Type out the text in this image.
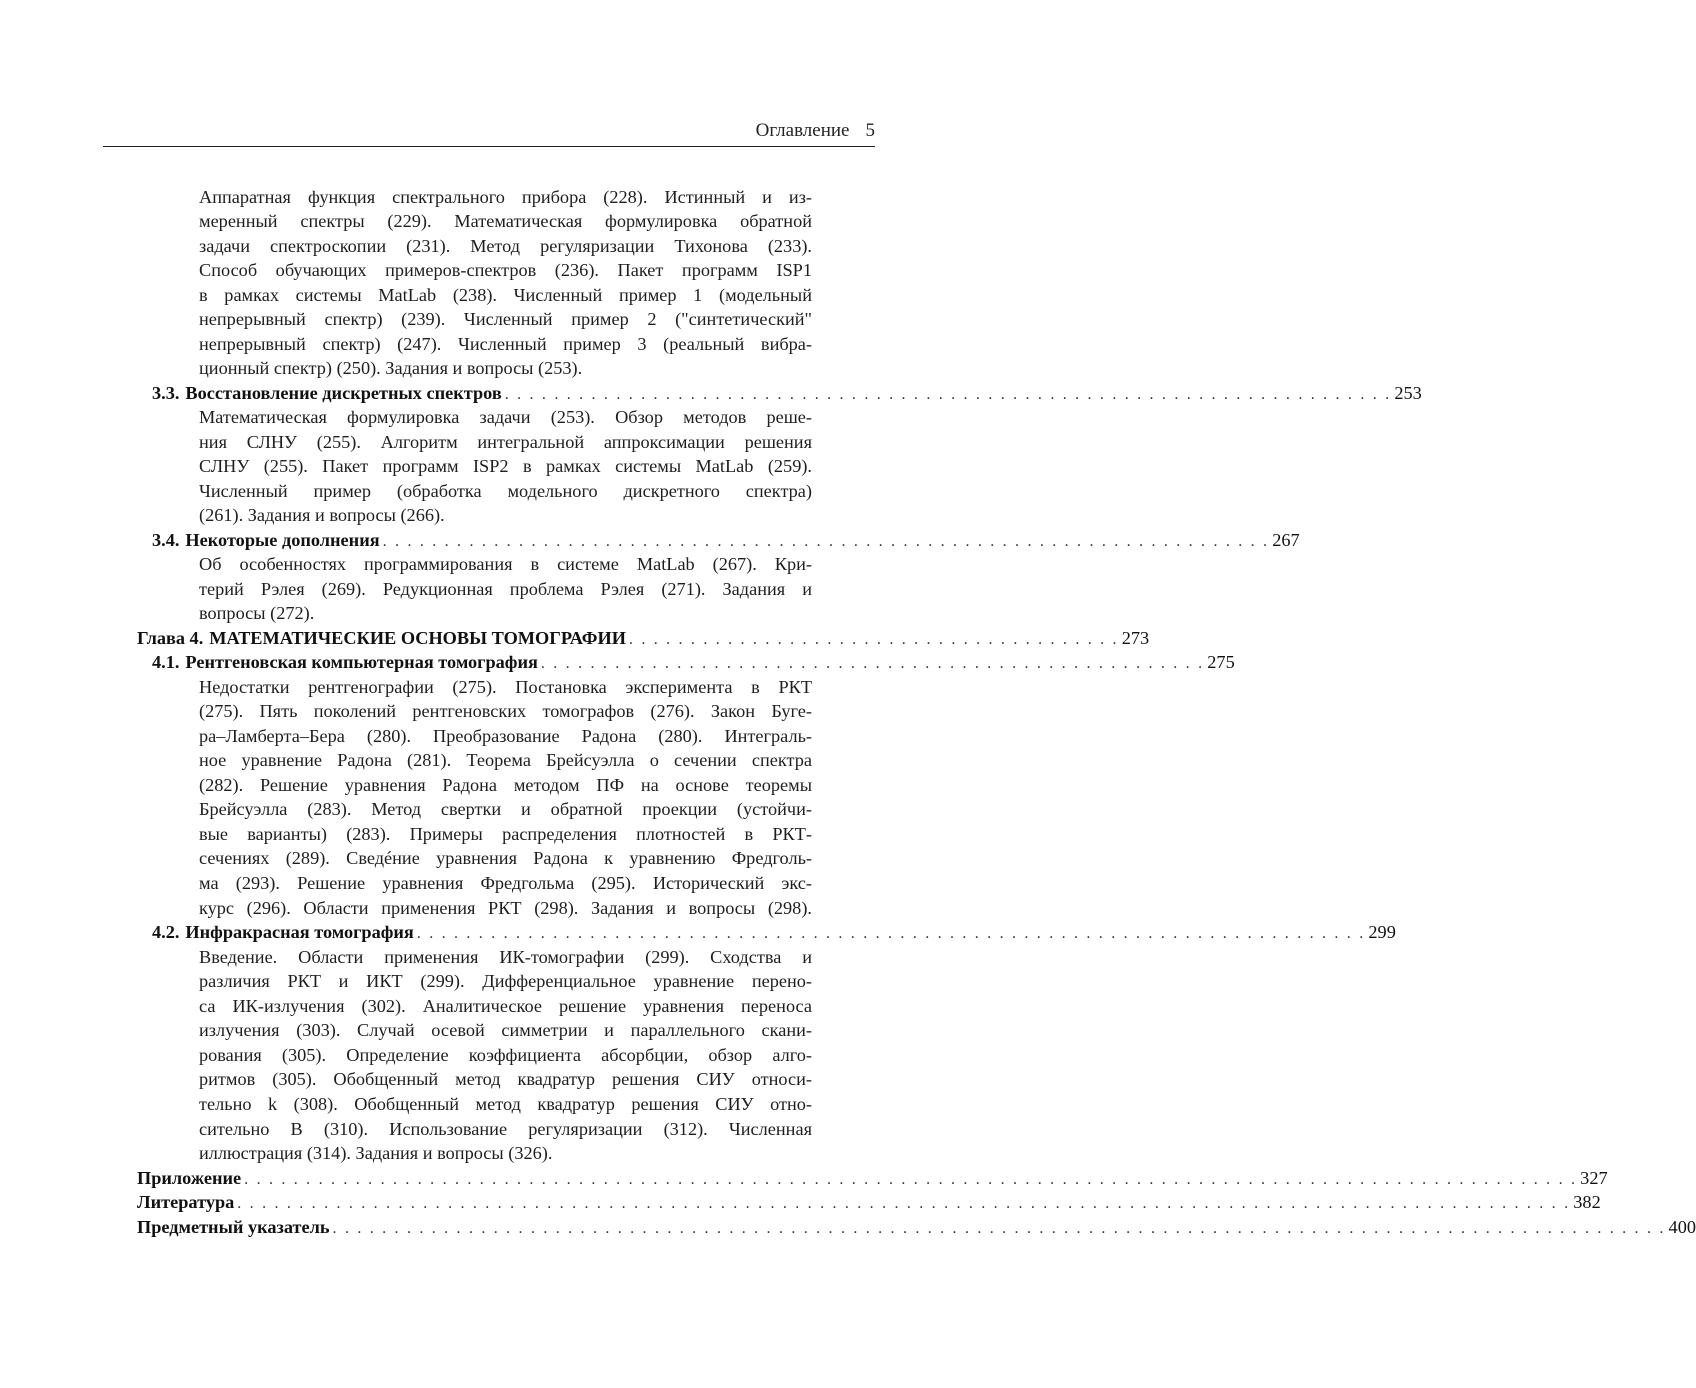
Оглавление 5
Аппаратная функция спектрального прибора (228). Истинный и из-
меренный спектры (229). Математическая формулировка обратной
задачи спектроскопии (231). Метод регуляризации Тихонова (233).
Способ обучающих примеров-спектров (236). Пакет программ ISP1
в рамках системы MatLab (238). Численный пример 1 (модельный
непрерывный спектр) (239). Численный пример 2 ("синтетический"
непрерывный спектр) (247). Численный пример 3 (реальный вибра-
ционный спектр) (250). Задания и вопросы (253).
3.3. Восстановление дискретных спектров . . . . . . . . . . . . . . . . . . . . . . . . . . . . . . . . . . . . . . . . . . . . . . . . . . . . . . . . . . . . . . . . . . . . . . . . 253
Математическая формулировка задачи (253). Обзор методов реше-
ния СЛНУ (255). Алгоритм интегральной аппроксимации решения
СЛНУ (255). Пакет программ ISP2 в рамках системы MatLab (259).
Численный пример (обработка модельного дискретного спектра)
(261). Задания и вопросы (266).
3.4. Некоторые дополнения . . . . . . . . . . . . . . . . . . . . . . . . . . . . . . . . . . . . . . . . . . . . . . . . . . . . . . . . . . . . . . . . . . . . . . . . 267
Об особенностях программирования в системе MatLab (267). Кри-
терий Рэлея (269). Редукционная проблема Рэлея (271). Задания и
вопросы (272).
Глава 4. МАТЕМАТИЧЕСКИЕ ОСНОВЫ ТОМОГРАФИИ . . . . . . . . . . . . . . . . . . . . . . . . . . . . . . . . . . . . . . . . 273
4.1. Рентгеновская компьютерная томография . . . . . . . . . . . . . . . . . . . . . . . . . . . . . . . . . . . . . . . . . . . . . . . . . . . . . . 275
Недостатки рентгенографии (275). Постановка эксперимента в РКТ
(275). Пять поколений рентгеновских томографов (276). Закон Буге-
ра–Ламберта–Бера (280). Преобразование Радона (280). Интеграль-
ное уравнение Радона (281). Теорема Брейсуэлла о сечении спектра
(282). Решение уравнения Радона методом ПФ на основе теоремы
Брейсуэлла (283). Метод свертки и обратной проекции (устойчи-
вые варианты) (283). Примеры распределения плотностей в РКТ-
сечениях (289). Сведéние уравнения Радона к уравнению Фредголь-
ма (293). Решение уравнения Фредгольма (295). Исторический экс-
курс (296). Области применения РКТ (298). Задания и вопросы (298).
4.2. Инфракрасная томография . . . . . . . . . . . . . . . . . . . . . . . . . . . . . . . . . . . . . . . . . . . . . . . . . . . . . . . . . . . . . . . . . . . . . . . . . . . . . 299
Введение. Области применения ИК-томографии (299). Сходства и
различия РКТ и ИКТ (299). Дифференциальное уравнение перено-
са ИК-излучения (302). Аналитическое решение уравнения переноса
излучения (303). Случай осевой симметрии и параллельного скани-
рования (305). Определение коэффициента абсорбции, обзор алго-
ритмов (305). Обобщенный метод квадратур решения СИУ относи-
тельно k (308). Обобщенный метод квадратур решения СИУ отно-
сительно B (310). Использование регуляризации (312). Численная
иллюстрация (314). Задания и вопросы (326).
Приложение . . . . . . . . . . . . . . . . . . . . . . . . . . . . . . . . . . . . . . . . . . . . . . . . . . . . . . . . . . . . . . . . . . . . . . . . . . . . . . . . . . . . . . . . . . . . . . . . . . . . . . . . . . . . 327
Литература . . . . . . . . . . . . . . . . . . . . . . . . . . . . . . . . . . . . . . . . . . . . . . . . . . . . . . . . . . . . . . . . . . . . . . . . . . . . . . . . . . . . . . . . . . . . . . . . . . . . . . . . . . . . 382
Предметный указатель . . . . . . . . . . . . . . . . . . . . . . . . . . . . . . . . . . . . . . . . . . . . . . . . . . . . . . . . . . . . . . . . . . . . . . . . . . . . . . . . . . . . . . . . . . . . . . . . . . . . . . . . . . . . 400
